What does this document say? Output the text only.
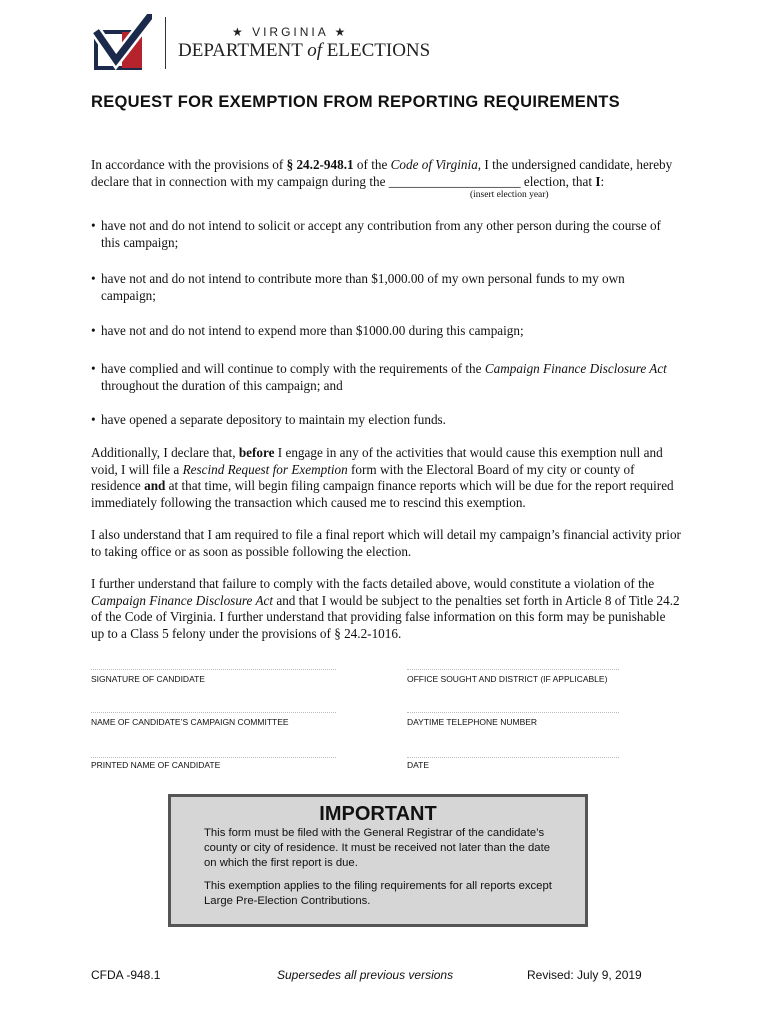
★ VIRGINIA ★
DEPARTMENT of ELECTIONS
REQUEST FOR EXEMPTION FROM REPORTING REQUIREMENTS
In accordance with the provisions of § 24.2-948.1 of the Code of Virginia, I the undersigned candidate, hereby declare that in connection with my campaign during the ____________________ election, that I:
(insert election year)
• have not and do not intend to solicit or accept any contribution from any other person during the course of this campaign;
• have not and do not intend to contribute more than $1,000.00 of my own personal funds to my own campaign;
• have not and do not intend to expend more than $1000.00 during this campaign;
• have complied and will continue to comply with the requirements of the Campaign Finance Disclosure Act throughout the duration of this campaign; and
• have opened a separate depository to maintain my election funds.
Additionally, I declare that, before I engage in any of the activities that would cause this exemption null and void, I will file a Rescind Request for Exemption form with the Electoral Board of my city or county of residence and at that time, will begin filing campaign finance reports which will be due for the report required immediately following the transaction which caused me to rescind this exemption.
I also understand that I am required to file a final report which will detail my campaign’s financial activity prior to taking office or as soon as possible following the election.
I further understand that failure to comply with the facts detailed above, would constitute a violation of the Campaign Finance Disclosure Act and that I would be subject to the penalties set forth in Article 8 of Title 24.2 of the Code of Virginia. I further understand that providing false information on this form may be punishable up to a Class 5 felony under the provisions of § 24.2-1016.
SIGNATURE OF CANDIDATE	OFFICE SOUGHT AND DISTRICT (IF APPLICABLE)
NAME OF CANDIDATE’S CAMPAIGN COMMITTEE	DAYTIME TELEPHONE NUMBER
PRINTED NAME OF CANDIDATE	DATE
IMPORTANT
This form must be filed with the General Registrar of the candidate’s county or city of residence. It must be received not later than the date on which the first report is due.
This exemption applies to the filing requirements for all reports except Large Pre-Election Contributions.
CFDA -948.1	Supersedes all previous versions	Revised: July 9, 2019
